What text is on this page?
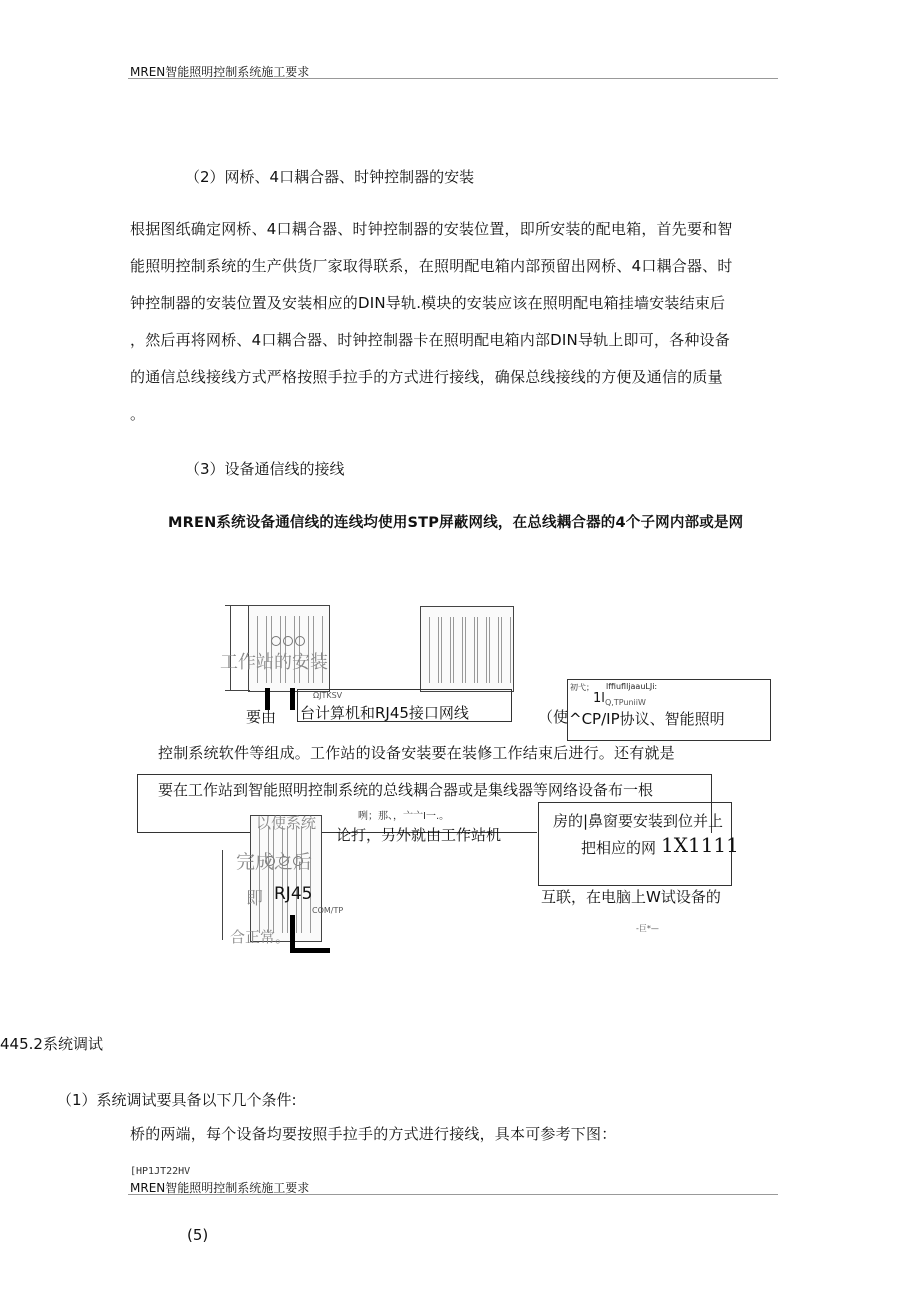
MREN智能照明控制系统施工要求
（2）网桥、4口耦合器、时钟控制器的安装
根据图纸确定网桥、4口耦合器、时钟控制器的安装位置，即所安装的配电箱，首先要和智
能照明控制系统的生产供货厂家取得联系，在照明配电箱内部预留出网桥、4口耦合器、时
钟控制器的安装位置及安装相应的DIN导轨.模块的安装应该在照明配电箱挂墙安装结束后
，然后再将网桥、4口耦合器、时钟控制器卡在照明配电箱内部DIN导轨上即可，各种设备
的通信总线接线方式严格按照手拉手的方式进行接线，确保总线接线的方便及通信的质量
。
（3）设备通信线的接线
MREN系统设备通信线的连线均使用STP屏蔽网线，在总线耦合器的4个子网内部或是网
工作站的安装
ΩJTKSV
要由 台计算机和RJ45接口网线	（使
初弋； lffiuflljaauLJi:
1l Q,TPuniiW
^CP/IP协议、智能照明
控制系统软件等组成。工作站的设备安装要在装修工作结束后进行。还有就是
要在工作站到智能照明控制系统的总线耦合器或是集线器等网络设备布一根
咧；那、，亠亠I一.。
以使系统
论打，另外就由工作站机
房的|鼻窗要安装到位并上
把相应的网 1X1111
完成之后
即 RJ45
COM/TP
互联，在电脑上W试设备的
合正常。	-巨*—
445.2系统调试
（1）系统调试要具备以下几个条件:
桥的两端，每个设备均要按照手拉手的方式进行接线，具本可参考下图：
[HP1JT22HV
MREN智能照明控制系统施工要求
(5)
